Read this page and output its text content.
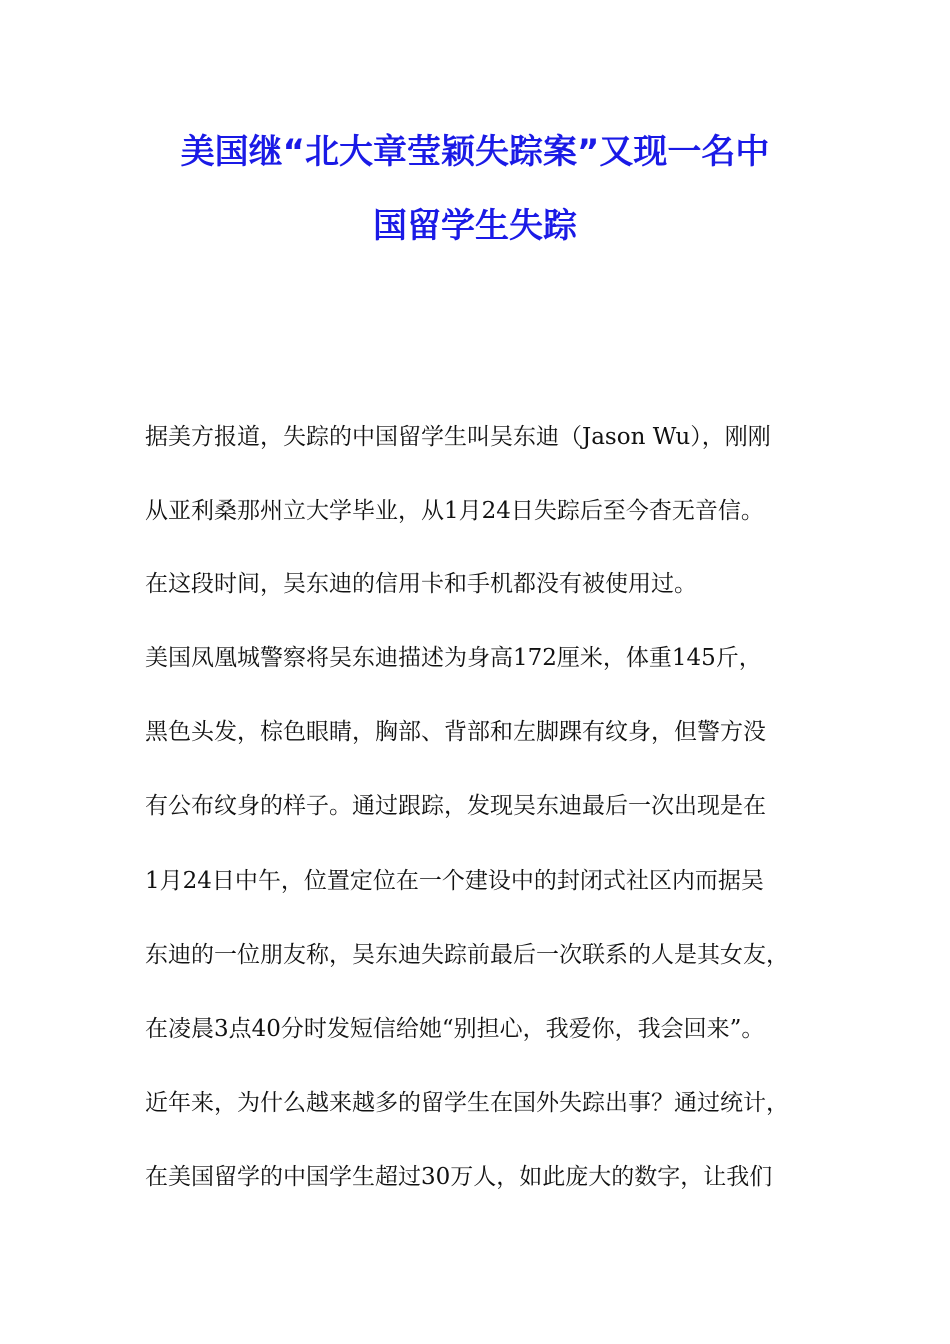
美国继“北大章莹颖失踪案”又现一名中
国留学生失踪
据美方报道，失踪的中国留学生叫吴东迪（Jason Wu），刚刚
从亚利桑那州立大学毕业，从1月24日失踪后至今杳无音信。
在这段时间，吴东迪的信用卡和手机都没有被使用过。
美国凤凰城警察将吴东迪描述为身高172厘米，体重145斤，
黑色头发，棕色眼睛，胸部、背部和左脚踝有纹身，但警方没
有公布纹身的样子。通过跟踪，发现吴东迪最后一次出现是在
1月24日中午，位置定位在一个建设中的封闭式社区内而据吴
东迪的一位朋友称，吴东迪失踪前最后一次联系的人是其女友，
在凌晨3点40分时发短信给她“别担心，我爱你，我会回来”。
近年来，为什么越来越多的留学生在国外失踪出事？通过统计，
在美国留学的中国学生超过30万人，如此庞大的数字，让我们
